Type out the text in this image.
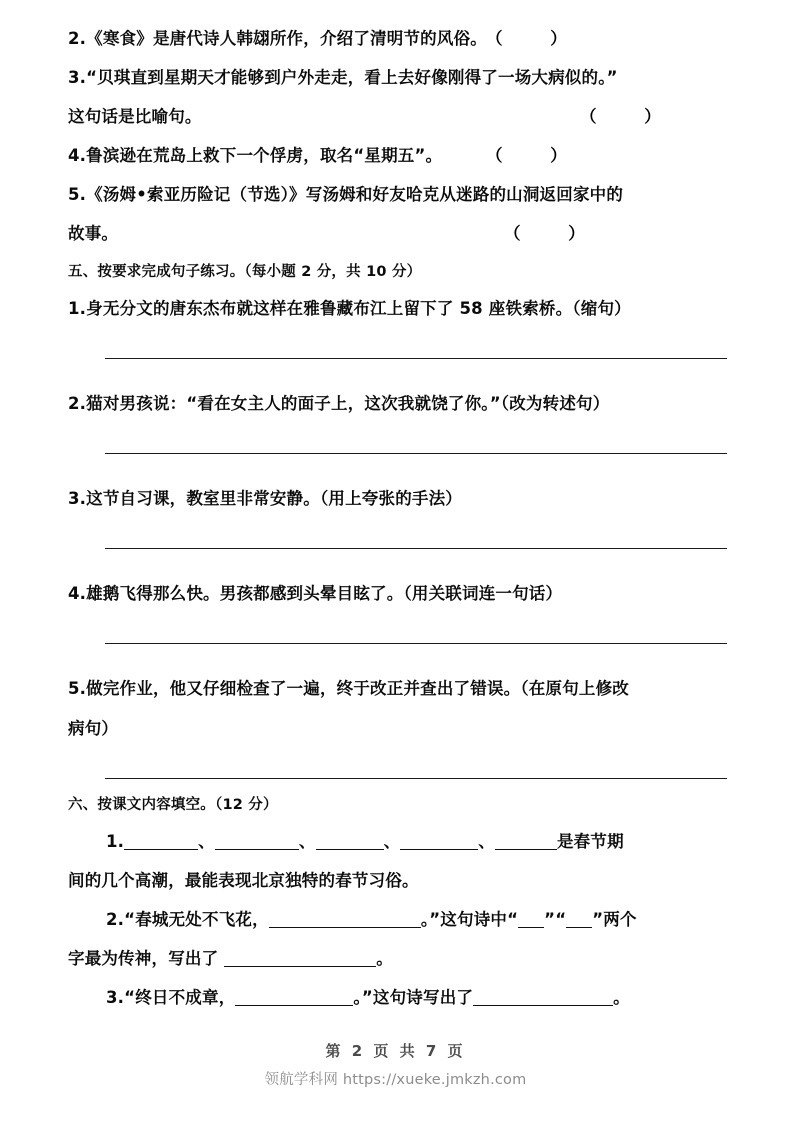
2.《寒食》是唐代诗人韩翃所作，介绍了清明节的风俗。 （        ）
3.“贝琪直到星期天才能够到户外走走，看上去好像刚得了一场大病似的。”
这句话是比喻句。	（        ）
4.鲁滨逊在荒岛上救下一个俘虏，取名“星期五”。	（        ）
5.《汤姆•索亚历险记（节选）》写汤姆和好友哈克从迷路的山洞返回家中的
故事。	（        ）
五、按要求完成句子练习。（每小题 2 分，共 10 分）
1.身无分文的唐东杰布就这样在雅鲁藏布江上留下了 58 座铁索桥。（缩句）
2.猫对男孩说：“看在女主人的面子上，这次我就饶了你。”（改为转述句）
3.这节自习课，教室里非常安静。（用上夸张的手法）
4.雄鹅飞得那么快。男孩都感到头晕目眩了。（用关联词连一句话）
5.做完作业，他又仔细检查了一遍，终于改正并查出了错误。（在原句上修改
病句）
六、按课文内容填空。（12 分）
1.	、	、	、	、	是春节期
间的几个高潮，最能表现北京独特的春节习俗。
2.“春城无处不飞花，	。”这句诗中“ ”“ ”两个
字最为传神，写出了	。
3.“终日不成章，	。”这句诗写出了	。
第 2 页 共 7 页
领航学科网 https://xueke.jmkzh.com
